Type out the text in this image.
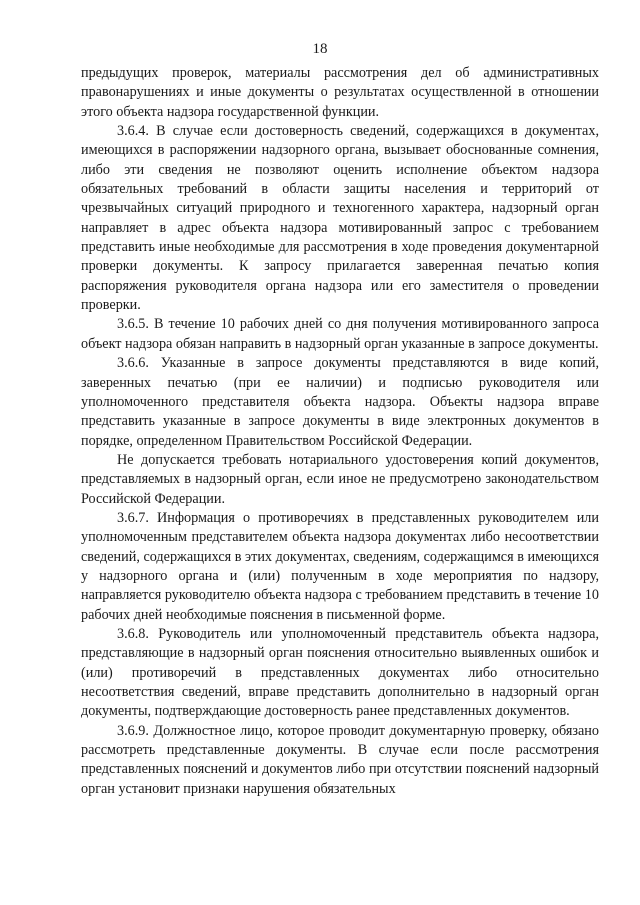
18

предыдущих проверок, материалы рассмотрения дел об административных правонарушениях и иные документы о результатах осуществленной в отношении этого объекта надзора государственной функции.

3.6.4. В случае если достоверность сведений, содержащихся в документах, имеющихся в распоряжении надзорного органа, вызывает обоснованные сомнения, либо эти сведения не позволяют оценить исполнение объектом надзора обязательных требований в области защиты населения и территорий от чрезвычайных ситуаций природного и техногенного характера, надзорный орган направляет в адрес объекта надзора мотивированный запрос с требованием представить иные необходимые для рассмотрения в ходе проведения документарной проверки документы. К запросу прилагается заверенная печатью копия распоряжения руководителя органа надзора или его заместителя о проведении проверки.

3.6.5. В течение 10 рабочих дней со дня получения мотивированного запроса объект надзора обязан направить в надзорный орган указанные в запросе документы.

3.6.6. Указанные в запросе документы представляются в виде копий, заверенных печатью (при ее наличии) и подписью руководителя или уполномоченного представителя объекта надзора. Объекты надзора вправе представить указанные в запросе документы в виде электронных документов в порядке, определенном Правительством Российской Федерации.

Не допускается требовать нотариального удостоверения копий документов, представляемых в надзорный орган, если иное не предусмотрено законодательством Российской Федерации.

3.6.7. Информация о противоречиях в представленных руководителем или уполномоченным представителем объекта надзора документах либо несоответствии сведений, содержащихся в этих документах, сведениям, содержащимся в имеющихся у надзорного органа и (или) полученным в ходе мероприятия по надзору, направляется руководителю объекта надзора с требованием представить в течение 10 рабочих дней необходимые пояснения в письменной форме.

3.6.8. Руководитель или уполномоченный представитель объекта надзора, представляющие в надзорный орган пояснения относительно выявленных ошибок и (или) противоречий в представленных документах либо относительно несоответствия сведений, вправе представить дополнительно в надзорный орган документы, подтверждающие достоверность ранее представленных документов.

3.6.9. Должностное лицо, которое проводит документарную проверку, обязано рассмотреть представленные документы. В случае если после рассмотрения представленных пояснений и документов либо при отсутствии пояснений надзорный орган установит признаки нарушения обязательных
